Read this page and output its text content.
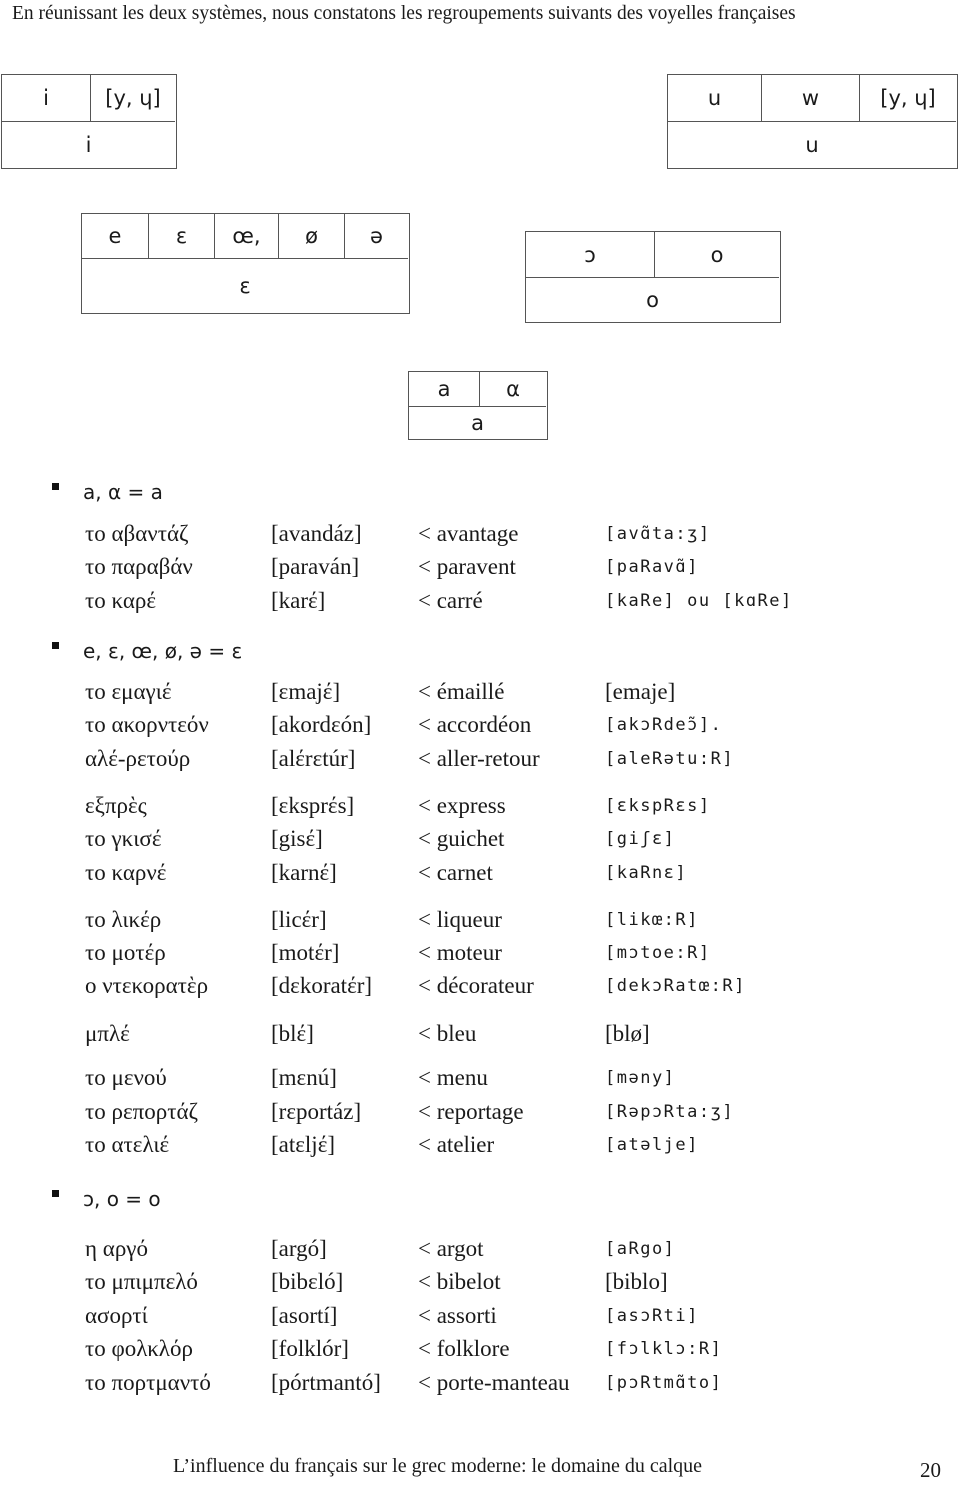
En réunissant les deux systèmes, nous constatons les regroupements suivants des voyelles françaises
i	[y, ɥ]
i
u	w	[y, ɥ]
u
e	ε	œ,	ø	ə
ε
ɔ	o
o
a	α
a
a, α = a
e, ε, œ, ø, ə = ε
ɔ, o = o
το αβαντάζ	[avandáz] < avantage	[avɑ̃ta:ʒ]
το παραβάν	[paraván]	< paravent	[paRavɑ̃]
το καρέ	[karέ]	< carré	[kaRe] ou [kɑRe]
το εμαγιέ	[εmajέ]	< émaillé	[emaje]
το ακορντεόν	[akordεón] < accordéon	[akɔRdeɔ̃].
αλέ-ρετούρ	[alέrεtúr]	< aller-retour	[aleRətu:R]
εξπρὲς	[εksprέs]	< express	[εkspRεs]
το γκισέ	[gisέ]	< guichet	[giʃε]
το καρνέ	[karnέ]	< carnet	[kaRnε]
το λικέρ	[licέr]	< liqueur	[likœ:R]
το μοτέρ	[motέr]	< moteur	[mɔtoe:R]
ο ντεκορατὲρ	[dεkoratέr] < décorateur	[dekɔRatœ:R]
μπλέ	[blέ]	< bleu	[blø]
το μενού	[mεnú]	< menu	[məny]
το ρεπορτάζ	[rεportáz] < reportage	[RəpɔRta:ʒ]
το ατελιέ	[atεljέ]	< atelier	[atəlje]
η αργό	[argó]	< argot	[aRgo]
το μπιμπελό	[bibεló]	< bibelot	[biblo]
ασορτί	[asortí]	< assorti	[asɔRti]
το φολκλόρ	[folklór]	< folklore	[fɔlklɔ:R]
το πορτμαντό	[pórtmantó] < porte-manteau [pɔRtmɑ̃to]
L’influence du français sur le grec moderne: le domaine du calque	20
